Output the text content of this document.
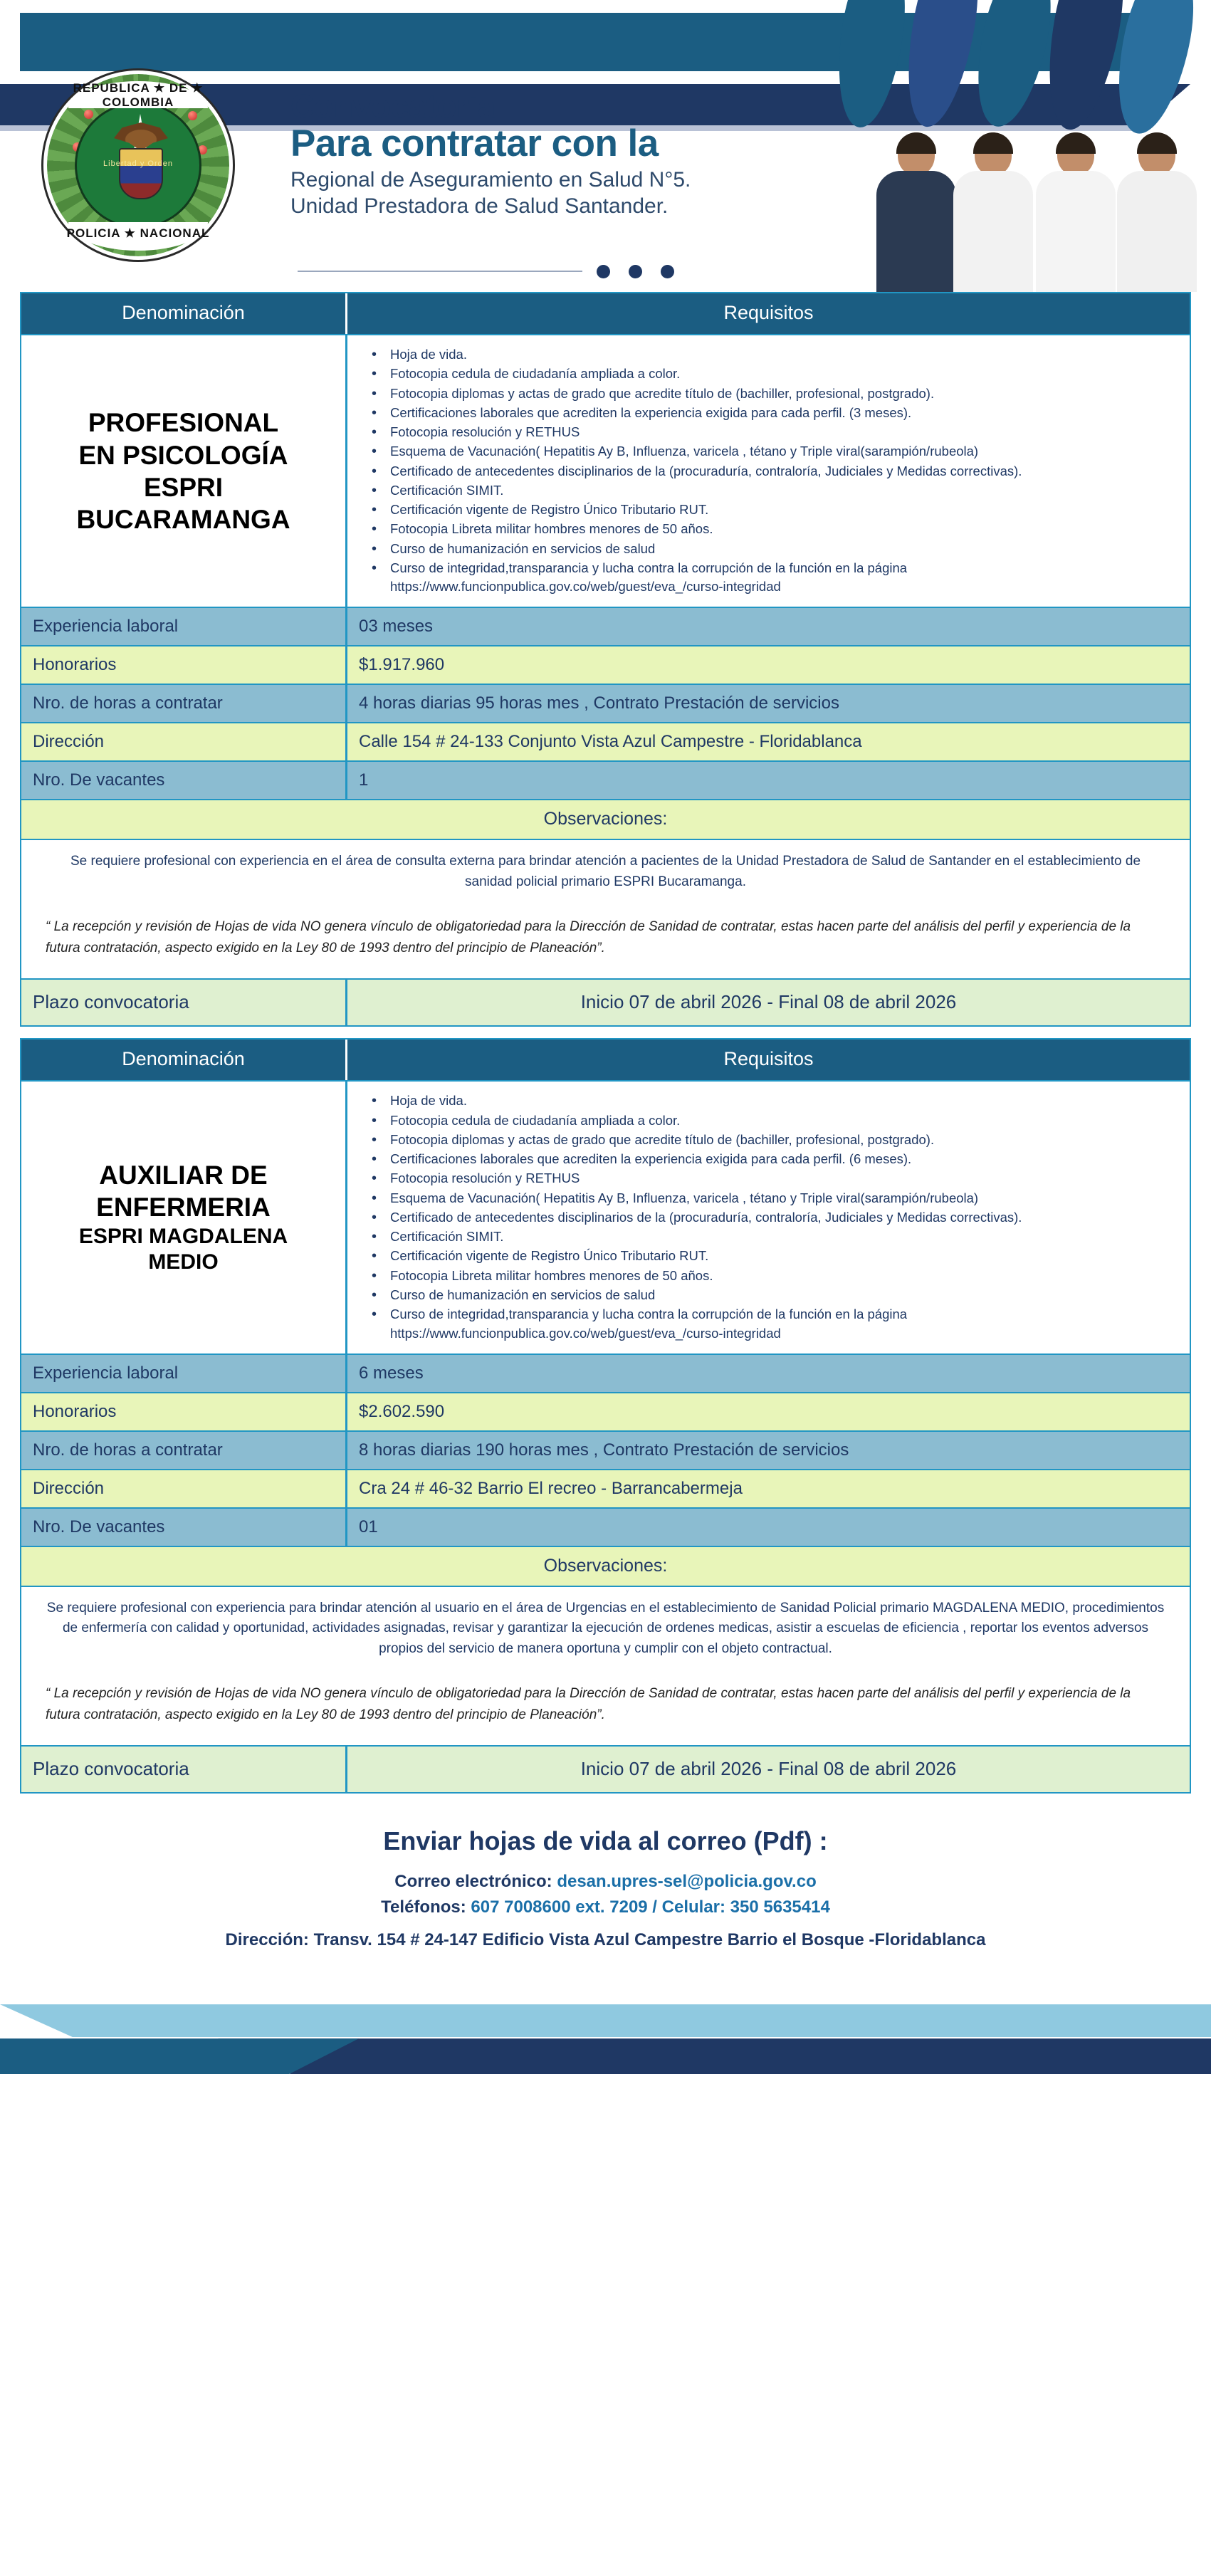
REPUBLICA ★ DE ★ COLOMBIA
Libertad y Orden
POLICIA ★ NACIONAL
Convocatoria
Para contratar con la
Regional de Aseguramiento en Salud N°5.
Unidad Prestadora de Salud Santander.
Denominación	Requisitos
PROFESIONAL
EN PSICOLOGÍA
ESPRI
BUCARAMANGA
• Hoja de vida.
• Fotocopia cedula de ciudadanía ampliada a color.
• Fotocopia diplomas y actas de grado que acredite título de (bachiller, profesional, postgrado).
• Certificaciones laborales que acrediten la experiencia exigida para cada perfil. (3 meses).
• Fotocopia resolución y RETHUS
• Esquema de Vacunación( Hepatitis Ay B, Influenza, varicela , tétano y Triple viral(sarampión/rubeola)
• Certificado de antecedentes disciplinarios de la (procuraduría, contraloría, Judiciales y Medidas correctivas).
• Certificación SIMIT.
• Certificación vigente de Registro Único Tributario RUT.
• Fotocopia Libreta militar hombres menores de 50 años.
• Curso de humanización en servicios de salud
• Curso de integridad,transparancia y lucha contra la corrupción de la función en la página https://www.funcionpublica.gov.co/web/guest/eva_/curso-integridad
Experiencia laboral	03 meses
Honorarios	$1.917.960
Nro. de horas a contratar	4 horas diarias 95 horas mes , Contrato Prestación de servicios
Dirección	Calle 154 # 24-133 Conjunto Vista Azul Campestre - Floridablanca
Nro. De vacantes	1
Observaciones:

Se requiere profesional con experiencia en el área de consulta externa para brindar atención a pacientes de la Unidad Prestadora de Salud de Santander en el establecimiento de sanidad policial primario ESPRI Bucaramanga.

“ La recepción y revisión de Hojas de vida NO genera vínculo de obligatoriedad para la Dirección de Sanidad de contratar, estas hacen parte del análisis del perfil y experiencia de la futura contratación, aspecto exigido en la Ley 80 de 1993 dentro del principio de Planeación”.

Plazo convocatoria	Inicio 07 de abril 2026 - Final 08 de abril 2026
Denominación	Requisitos
AUXILIAR DE
ENFERMERIA
ESPRI MAGDALENA
MEDIO
• Hoja de vida.
• Fotocopia cedula de ciudadanía ampliada a color.
• Fotocopia diplomas y actas de grado que acredite título de (bachiller, profesional, postgrado).
• Certificaciones laborales que acrediten la experiencia exigida para cada perfil. (6 meses).
• Fotocopia resolución y RETHUS
• Esquema de Vacunación( Hepatitis Ay B, Influenza, varicela , tétano y Triple viral(sarampión/rubeola)
• Certificado de antecedentes disciplinarios de la (procuraduría, contraloría, Judiciales y Medidas correctivas).
• Certificación SIMIT.
• Certificación vigente de Registro Único Tributario RUT.
• Fotocopia Libreta militar hombres menores de 50 años.
• Curso de humanización en servicios de salud
• Curso de integridad,transparancia y lucha contra la corrupción de la función en la página https://www.funcionpublica.gov.co/web/guest/eva_/curso-integridad
Experiencia laboral	6 meses
Honorarios	$2.602.590
Nro. de horas a contratar	8 horas diarias 190 horas mes , Contrato Prestación de servicios
Dirección	Cra 24 # 46-32 Barrio El recreo - Barrancabermeja
Nro. De vacantes	01
Observaciones:

Se requiere profesional con experiencia para brindar atención al usuario en el área de Urgencias en el establecimiento de Sanidad Policial primario MAGDALENA MEDIO, procedimientos de enfermería con calidad y oportunidad, actividades asignadas, revisar y garantizar la ejecución de ordenes medicas, asistir a escuelas de eficiencia , reportar los eventos adversos propios del servicio de manera oportuna y cumplir con el objeto contractual.

“ La recepción y revisión de Hojas de vida NO genera vínculo de obligatoriedad para la Dirección de Sanidad de contratar, estas hacen parte del análisis del perfil y experiencia de la futura contratación, aspecto exigido en la Ley 80 de 1993 dentro del principio de Planeación”.

Plazo convocatoria	Inicio 07 de abril 2026 - Final 08 de abril 2026
Enviar hojas de vida al correo (Pdf) :
Correo electrónico: desan.upres-sel@policia.gov.co
Teléfonos: 607 7008600 ext. 7209 / Celular: 350 5635414
Dirección: Transv. 154 # 24-147 Edificio Vista Azul Campestre Barrio el Bosque -Floridablanca
